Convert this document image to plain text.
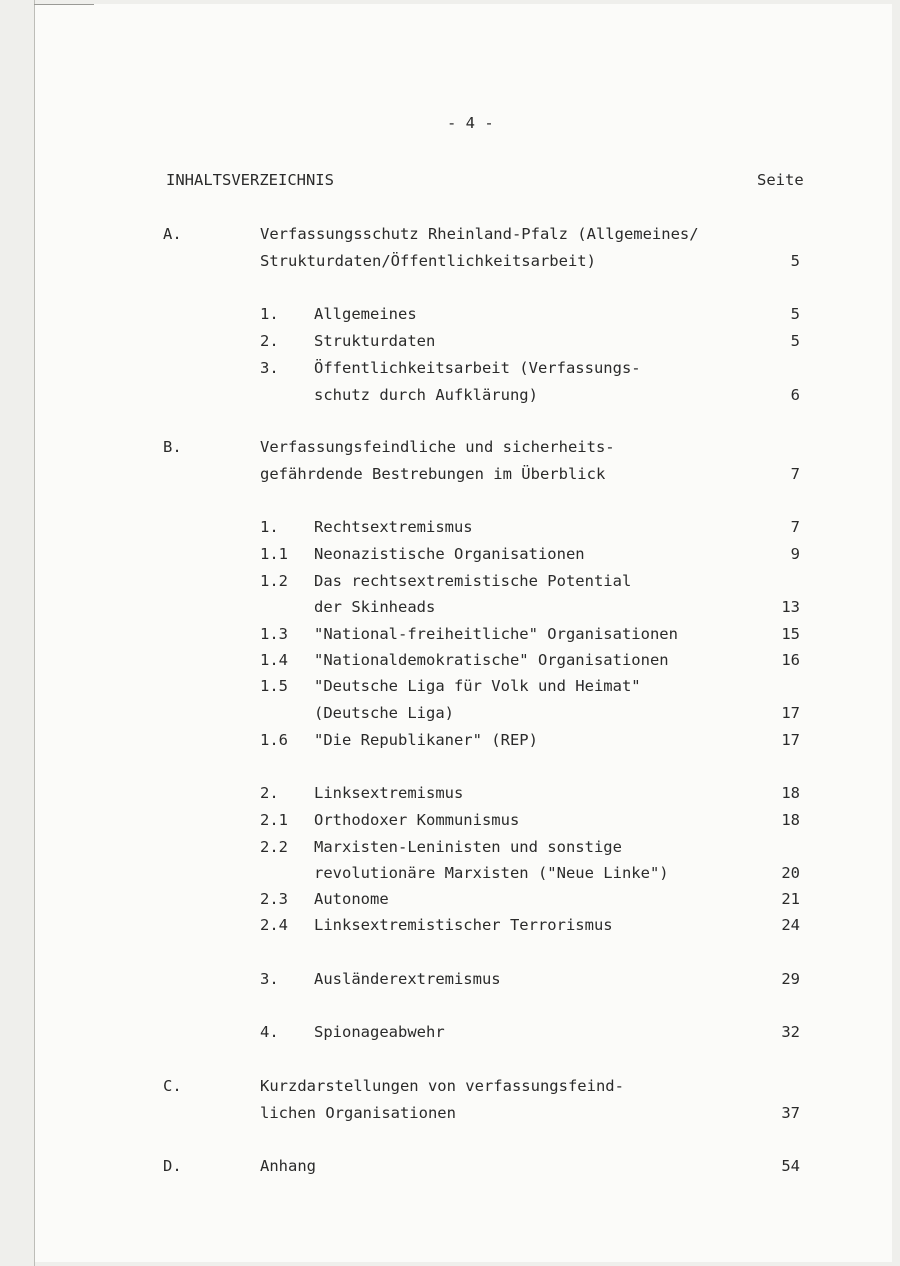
- 4 -
INHALTSVERZEICHNIS	Seite
A.	Verfassungsschutz Rheinland-Pfalz (Allgemeines/
Strukturdaten/Öffentlichkeitsarbeit)	5
1. Allgemeines	5
2. Strukturdaten	5
3. Öffentlichkeitsarbeit (Verfassungs-
schutz durch Aufklärung)	6
B.	Verfassungsfeindliche und sicherheits-
gefährdende Bestrebungen im Überblick	7
1. Rechtsextremismus	7
1.1 Neonazistische Organisationen	9
1.2 Das rechtsextremistische Potential
der Skinheads	13
1.3 "National-freiheitliche" Organisationen	15
1.4 "Nationaldemokratische" Organisationen	16
1.5 "Deutsche Liga für Volk und Heimat"
(Deutsche Liga)	17
1.6 "Die Republikaner" (REP)	17
2. Linksextremismus	18
2.1 Orthodoxer Kommunismus	18
2.2 Marxisten-Leninisten und sonstige
revolutionäre Marxisten ("Neue Linke")	20
2.3 Autonome	21
2.4 Linksextremistischer Terrorismus	24
3. Ausländerextremismus	29
4. Spionageabwehr	32
C.	Kurzdarstellungen von verfassungsfeind-
lichen Organisationen	37
D.	Anhang	54
